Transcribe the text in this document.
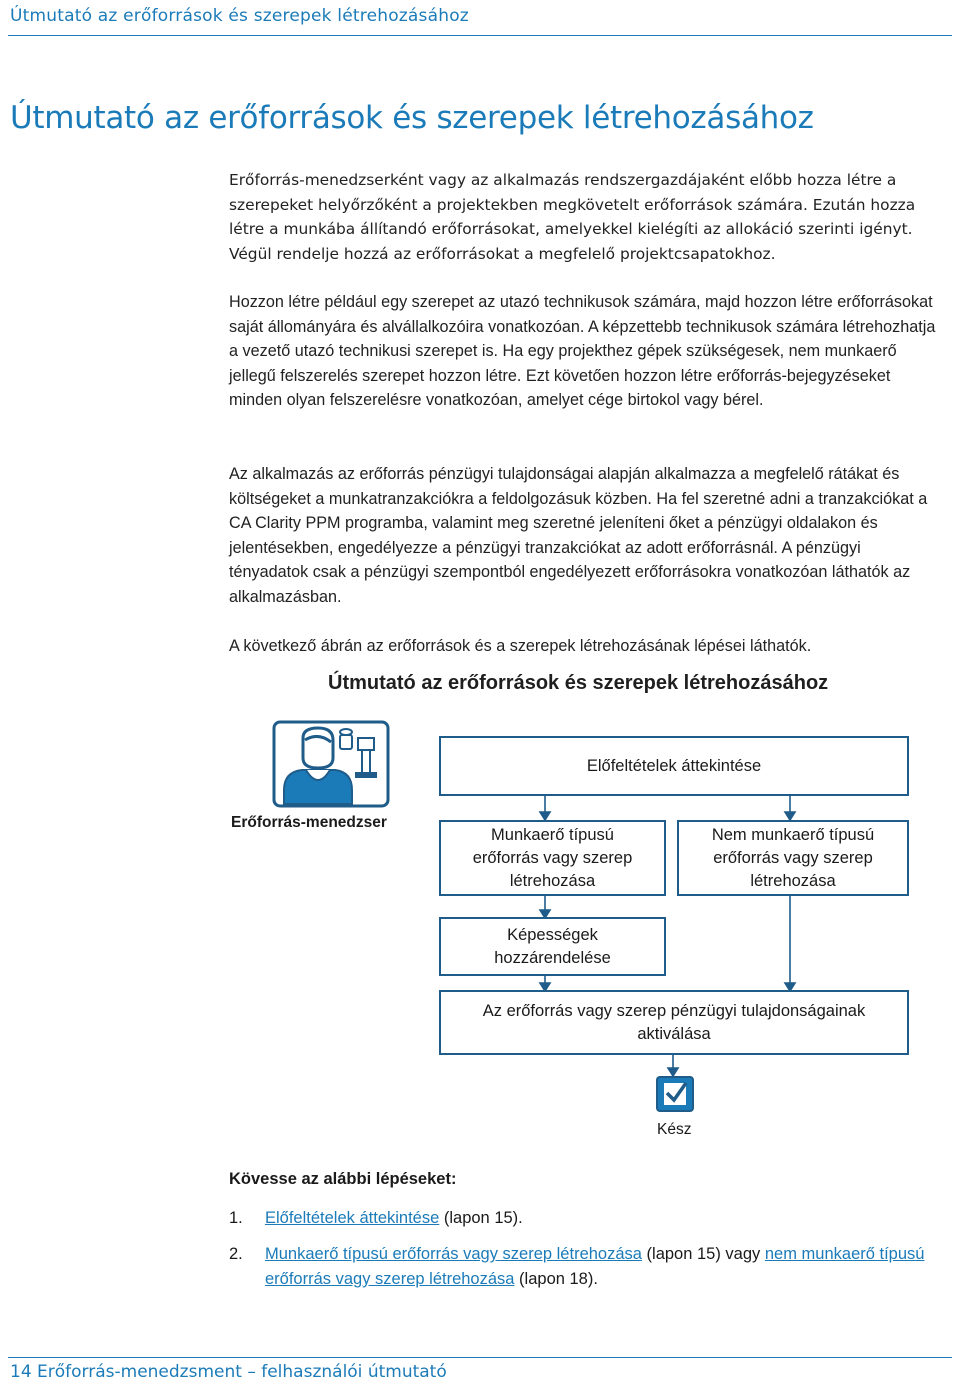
Útmutató az erőforrások és szerepek létrehozásához
Útmutató az erőforrások és szerepek létrehozásához

Erőforrás-menedzserként vagy az alkalmazás rendszergazdájaként előbb hozza létre a szerepeket helyőrzőként a projektekben megkövetelt erőforrások számára. Ezután hozza létre a munkába állítandó erőforrásokat, amelyekkel kielégíti az allokáció szerinti igényt. Végül rendelje hozzá az erőforrásokat a megfelelő projektcsapatokhoz.

Hozzon létre például egy szerepet az utazó technikusok számára, majd hozzon létre erőforrásokat saját állományára és alvállalkozóira vonatkozóan. A képzettebb technikusok számára létrehozhatja a vezető utazó technikusi szerepet is. Ha egy projekthez gépek szükségesek, nem munkaerő jellegű felszerelés szerepet hozzon létre. Ezt követően hozzon létre erőforrás-bejegyzéseket minden olyan felszerelésre vonatkozóan, amelyet cége birtokol vagy bérel.

Az alkalmazás az erőforrás pénzügyi tulajdonságai alapján alkalmazza a megfelelő rátákat és költségeket a munkatranzakciókra a feldolgozásuk közben. Ha fel szeretné adni a tranzakciókat a CA Clarity PPM programba, valamint meg szeretné jeleníteni őket a pénzügyi oldalakon és jelentésekben, engedélyezze a pénzügyi tranzakciókat az adott erőforrásnál. A pénzügyi tényadatok csak a pénzügyi szempontból engedélyezett erőforrásokra vonatkozóan láthatók az alkalmazásban.

A következő ábrán az erőforrások és a szerepek létrehozásának lépései láthatók.

Útmutató az erőforrások és szerepek létrehozásához
Erőforrás-menedzser
Előfeltételek áttekintése
Munkaerő típusú erőforrás vagy szerep létrehozása
Nem munkaerő típusú erőforrás vagy szerep létrehozása
Képességek hozzárendelése
Az erőforrás vagy szerep pénzügyi tulajdonságainak aktiválása
Kész
Kövesse az alábbi lépéseket:
1. Előfeltételek áttekintése (lapon 15).
2. Munkaerő típusú erőforrás vagy szerep létrehozása (lapon 15) vagy nem munkaerő típusú erőforrás vagy szerep létrehozása (lapon 18).
14 Erőforrás-menedzsment – felhasználói útmutató
